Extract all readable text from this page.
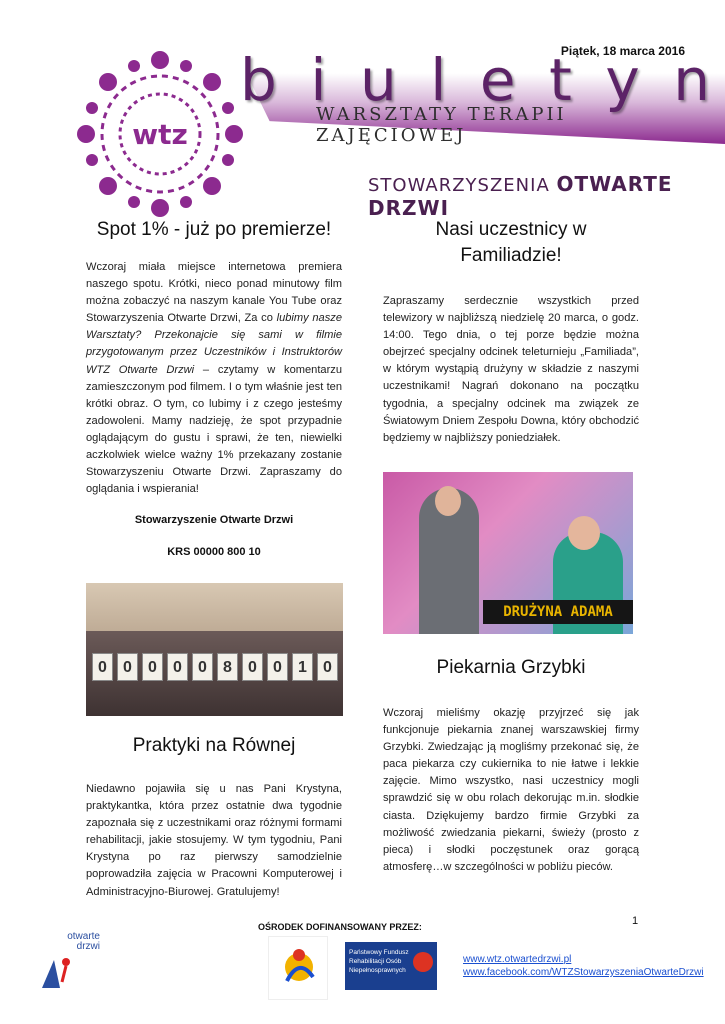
Piątek, 18 marca 2016
wtz
b i u l e t y n
WARSZTATY TERAPII ZAJĘCIOWEJ
STOWARZYSZENIA OTWARTE DRZWI
Spot 1% - już po premierze!

Wczoraj miała miejsce internetowa premiera naszego spotu. Krótki, nieco ponad minutowy film można zobaczyć na naszym kanale You Tube oraz Stowarzyszenia Otwarte Drzwi, Za co lubimy nasze Warsztaty? Przekonajcie się sami w filmie przygotowanym przez Uczestników i Instruktorów WTZ Otwarte Drzwi – czytamy w komentarzu zamieszczonym pod filmem. I o tym właśnie jest ten krótki obraz. O tym, co lubimy i z czego jesteśmy zadowoleni. Mamy nadzieję, że spot przypadnie oglądającym do gustu i sprawi, że ten, niewielki aczkolwiek wielce ważny 1% przekazany zostanie Stowarzyszeniu Otwarte Drzwi. Zapraszamy do oglądania i wspierania!

Stowarzyszenie Otwarte Drzwi
KRS 00000 800 10
0	0	0	0	0	8	0	0	1	0
Praktyki na Równej

Niedawno pojawiła się u nas Pani Krystyna, praktykantka, która przez ostatnie dwa tygodnie zapoznała się z uczestnikami oraz różnymi formami rehabilitacji, jakie stosujemy. W tym tygodniu, Pani Krystyna po raz pierwszy samodzielnie poprowadziła zajęcia w Pracowni Komputerowej i Administracyjno-Biurowej. Gratulujemy!

Nasi uczestnicy w Familiadzie!

Zapraszamy serdecznie wszystkich przed telewizory w najbliższą niedzielę 20 marca, o godz. 14:00. Tego dnia, o tej porze będzie można obejrzeć specjalny odcinek teleturnieju „Familiada”, w którym wystąpią drużyny w składzie z naszymi uczestnikami! Nagrań dokonano na początku tygodnia, a specjalny odcinek ma związek ze Światowym Dniem Zespołu Downa, który obchodzić będziemy w najbliższy poniedziałek.

DRUŻYNA ADAMA
Piekarnia Grzybki

Wczoraj mieliśmy okazję przyjrzeć się jak funkcjonuje piekarnia znanej warszawskiej firmy Grzybki. Zwiedzając ją mogliśmy przekonać się, że paca piekarza czy cukiernika to nie łatwe i lekkie zajęcie. Mimo wszystko, nasi uczestnicy mogli sprawdzić się w obu rolach dekorując m.in. słodkie ciasta. Dziękujemy bardzo firmie Grzybki za możliwość zwiedzania piekarni, świeży (prosto z pieca) i słodki poczęstunek oraz gorącą atmosferę…w szczególności w pobliżu pieców.

OŚRODEK DOFINANSOWANY PRZEZ:	1
otwarte
drzwi
Państwowy Fundusz
Rehabilitacji Osób
Niepełnosprawnych
www.wtz.otwartedrzwi.pl
www.facebook.com/WTZStowarzyszeniaOtwarteDrzwi
